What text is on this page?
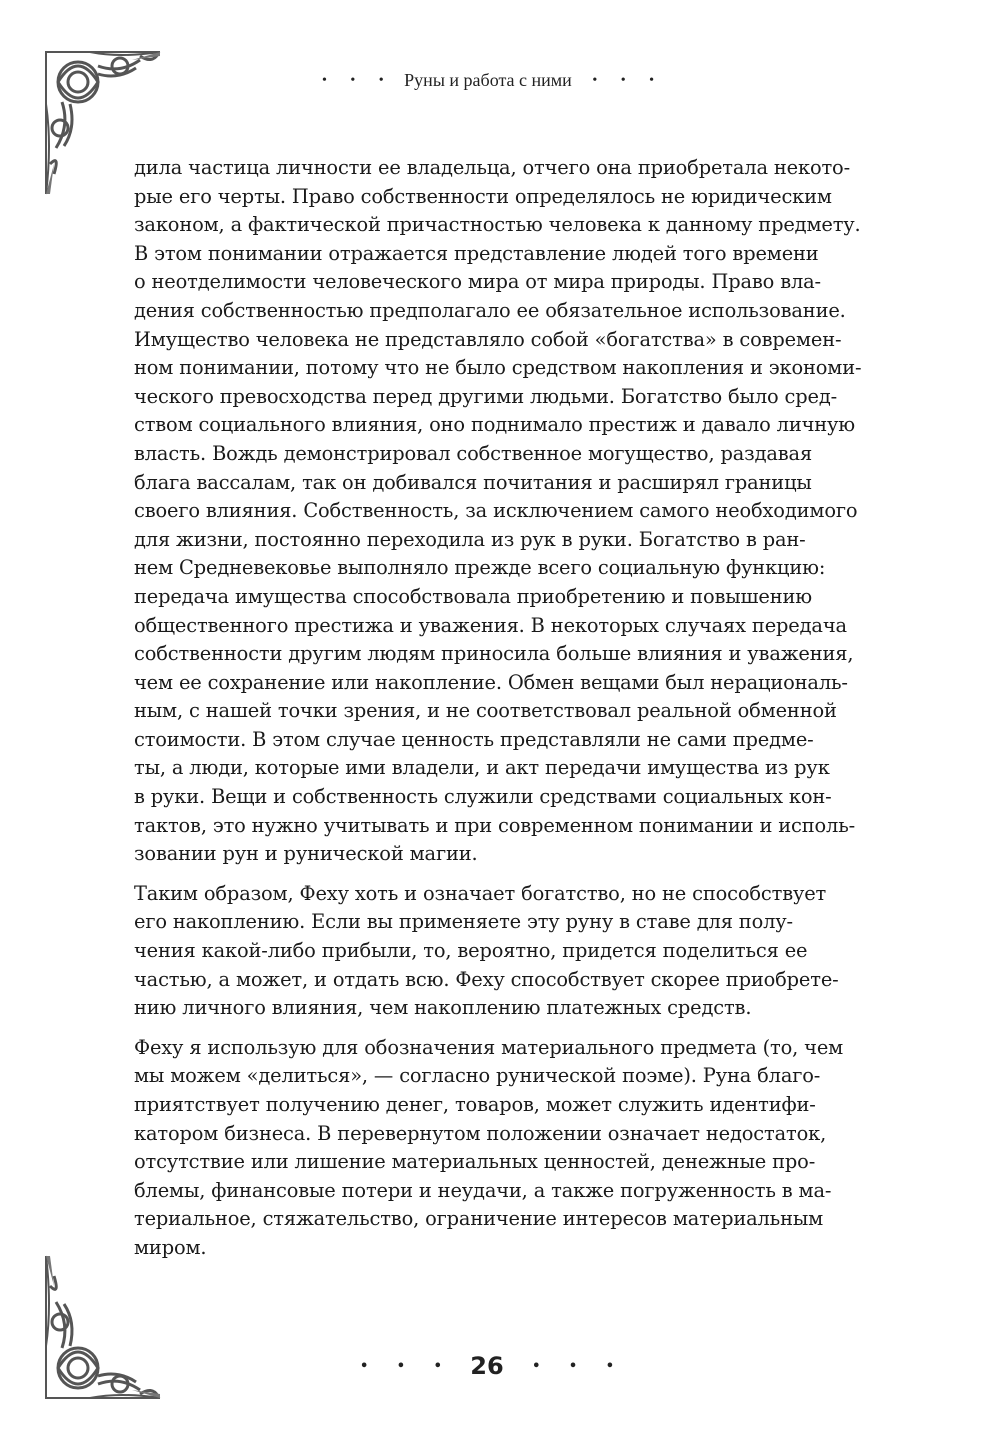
• • • Руны и работа с ними • • •

дила частица личности ее владельца, отчего она приобретала некото-
рые его черты. Право собственности определялось не юридическим
законом, а фактической причастностью человека к данному предмету.
В этом понимании отражается представление людей того времени
о неотделимости человеческого мира от мира природы. Право вла-
дения собственностью предполагало ее обязательное использование.
Имущество человека не представляло собой «богатства» в современ-
ном понимании, потому что не было средством накопления и экономи-
ческого превосходства перед другими людьми. Богатство было сред-
ством социального влияния, оно поднимало престиж и давало личную
власть. Вождь демонстрировал собственное могущество, раздавая
блага вассалам, так он добивался почитания и расширял границы
своего влияния. Собственность, за исключением самого необходимого
для жизни, постоянно переходила из рук в руки. Богатство в ран-
нем Средневековье выполняло прежде всего социальную функцию:
передача имущества способствовала приобретению и повышению
общественного престижа и уважения. В некоторых случаях передача
собственности другим людям приносила больше влияния и уважения,
чем ее сохранение или накопление. Обмен вещами был нерациональ-
ным, с нашей точки зрения, и не соответствовал реальной обменной
стоимости. В этом случае ценность представляли не сами предме-
ты, а люди, которые ими владели, и акт передачи имущества из рук
в руки. Вещи и собственность служили средствами социальных кон-
тактов, это нужно учитывать и при современном понимании и исполь-
зовании рун и рунической магии.

Таким образом, Феху хоть и означает богатство, но не способствует
его накоплению. Если вы применяете эту руну в ставе для полу-
чения какой-либо прибыли, то, вероятно, придется поделиться ее
частью, а может, и отдать всю. Феху способствует скорее приобрете-
нию личного влияния, чем накоплению платежных средств.

Феху я использую для обозначения материального предмета (то, чем
мы можем «делиться», — согласно рунической поэме). Руна благо-
приятствует получению денег, товаров, может служить идентифи-
катором бизнеса. В перевернутом положении означает недостаток,
отсутствие или лишение материальных ценностей, денежные про-
блемы, финансовые потери и неудачи, а также погруженность в ма-
териальное, стяжательство, ограничение интересов материальным
миром.

• • • 26 • • •
